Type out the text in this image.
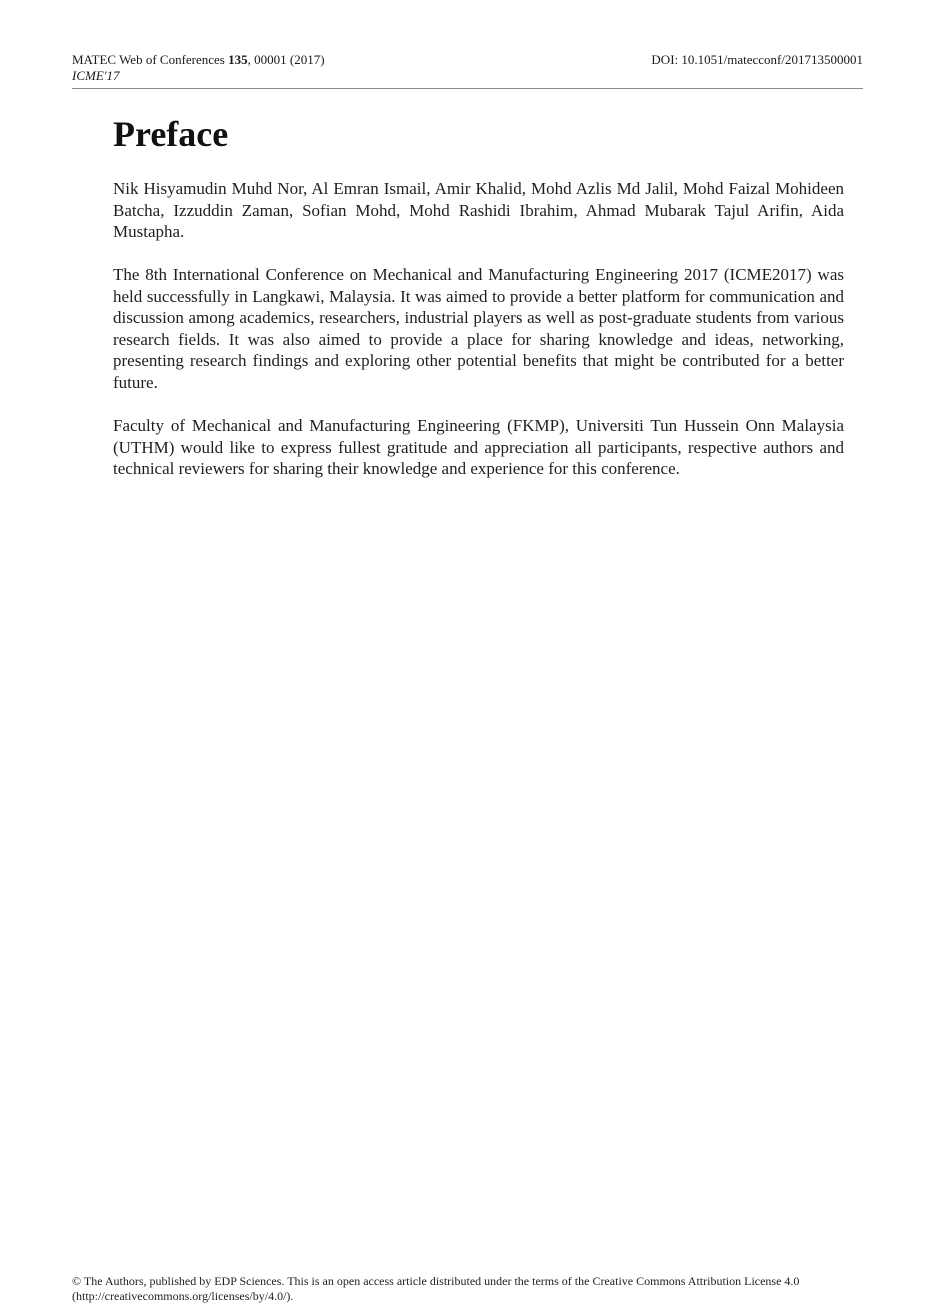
MATEC Web of Conferences 135, 00001 (2017)
ICME'17
DOI: 10.1051/matecconf/201713500001
Preface

Nik Hisyamudin Muhd Nor, Al Emran Ismail, Amir Khalid, Mohd Azlis Md Jalil, Mohd Faizal Mohideen Batcha, Izzuddin Zaman, Sofian Mohd, Mohd Rashidi Ibrahim, Ahmad Mubarak Tajul Arifin, Aida Mustapha.

The 8th International Conference on Mechanical and Manufacturing Engineering 2017 (ICME2017) was held successfully in Langkawi, Malaysia. It was aimed to provide a better platform for communication and discussion among academics, researchers, industrial players as well as post-graduate students from various research fields. It was also aimed to provide a place for sharing knowledge and ideas, networking, presenting research findings and exploring other potential benefits that might be contributed for a better future.

Faculty of Mechanical and Manufacturing Engineering (FKMP), Universiti Tun Hussein Onn Malaysia (UTHM) would like to express fullest gratitude and appreciation all participants, respective authors and technical reviewers for sharing their knowledge and experience for this conference.

© The Authors, published by EDP Sciences. This is an open access article distributed under the terms of the Creative Commons Attribution License 4.0
(http://creativecommons.org/licenses/by/4.0/).
